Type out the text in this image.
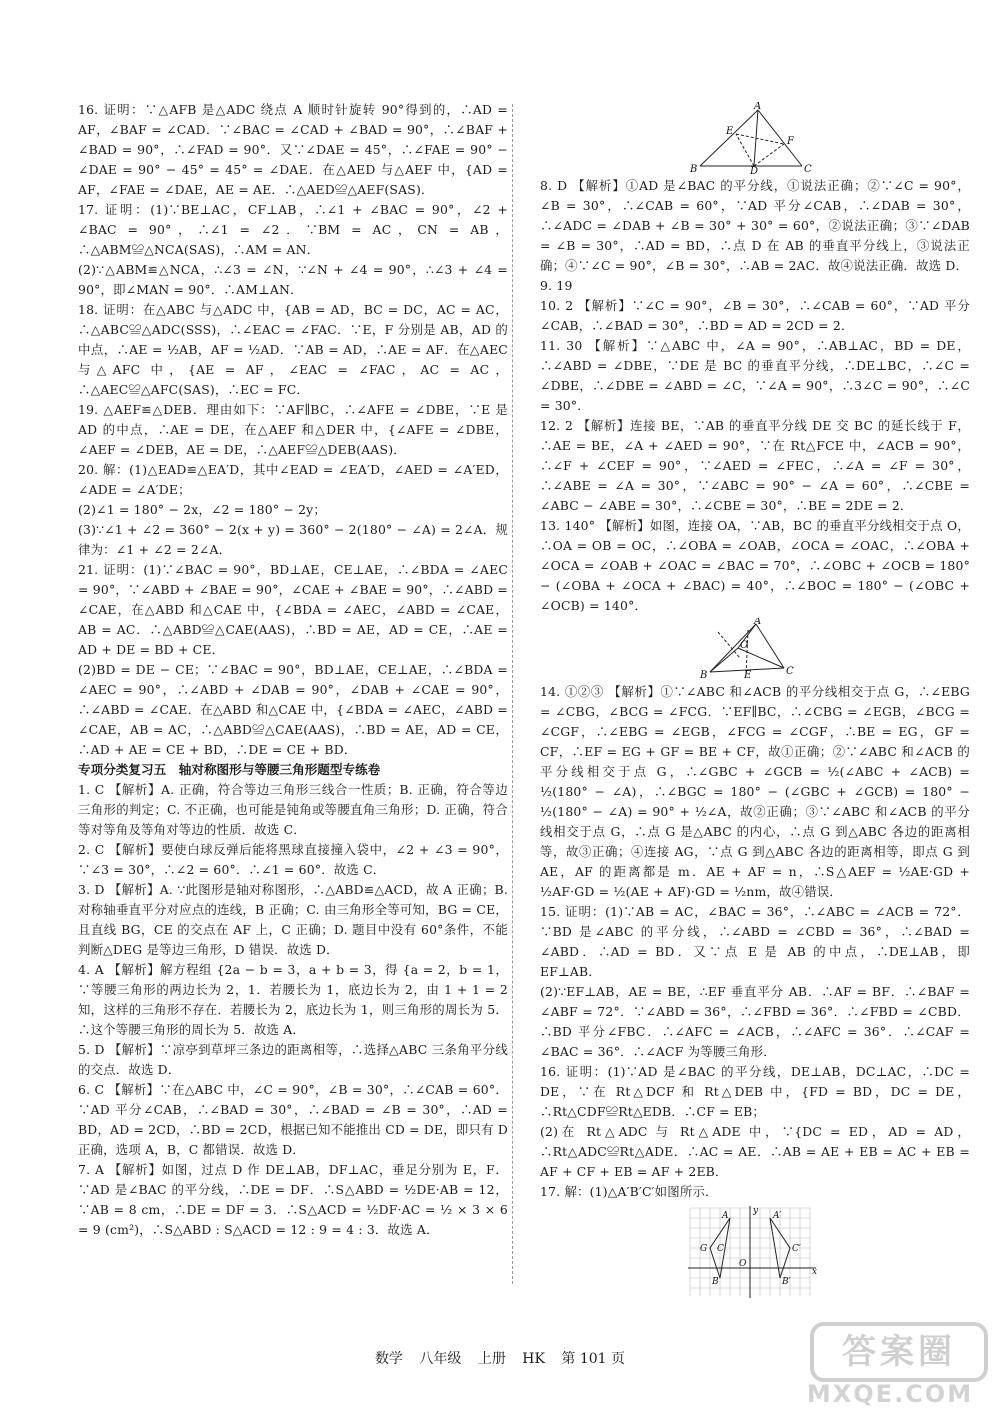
16. 证明：∵△AFB 是△ADC 绕点 A 顺时针旋转 90°得到的，∴AD = AF，∠BAF = ∠CAD．∵∠BAC = ∠CAD + ∠BAD = 90°，∴∠BAF + ∠BAD = 90°，∴∠FAD = 90°．又∵∠DAE = 45°，∴∠FAE = 90° − ∠DAE = 90° − 45° = 45° = ∠DAE．在△AED 与△AEF 中，{AD = AF，∠FAE = ∠DAE，AE = AE．∴△AED≌△AEF(SAS)．

17. 证明：(1)∵BE⊥AC，CF⊥AB，∴∠1 + ∠BAC = 90°，∠2 + ∠BAC = 90°，∴∠1 = ∠2．∵BM = AC，CN = AB，∴△ABM≌△NCA(SAS)，∴AM = AN．

(2)∵△ABM≌△NCA，∴∠3 = ∠N，∵∠N + ∠4 = 90°，∴∠3 + ∠4 = 90°，即∠MAN = 90°．∴AM⊥AN．

18. 证明：在△ABC 与△ADC 中，{AB = AD，BC = DC，AC = AC，∴△ABC≌△ADC(SSS)，∴∠EAC = ∠FAC．∵E，F 分别是 AB，AD 的中点，∴AE = ½AB，AF = ½AD．∵AB = AD，∴AE = AF．在△AEC 与△AFC 中，{AE = AF，∠EAC = ∠FAC，AC = AC，∴△AEC≌△AFC(SAS)，∴EC = FC．

19. △AEF≌△DEB．理由如下：∵AF∥BC，∴∠AFE = ∠DBE，∵E 是 AD 的中点，∴AE = DE，在△AEF 和△DER 中，{∠AFE = ∠DBE，∠AEF = ∠DEB，AE = DE，∴△AEF≌△DEB(AAS)．

20. 解：(1)△EAD≌△EA′D，其中∠EAD = ∠EA′D，∠AED = ∠A′ED，∠ADE = ∠A′DE；

(2)∠1 = 180° − 2x，∠2 = 180° − 2y；

(3)∵∠1 + ∠2 = 360° − 2(x + y) = 360° − 2(180° − ∠A) = 2∠A．规律为：∠1 + ∠2 = 2∠A．

21. 证明：(1)∵∠BAC = 90°，BD⊥AE，CE⊥AE，∴∠BDA = ∠AEC = 90°，∵∠ABD + ∠BAE = 90°，∠CAE + ∠BAE = 90°，∴∠ABD = ∠CAE，在△ABD 和△CAE 中，{∠BDA = ∠AEC，∠ABD = ∠CAE，AB = AC．∴△ABD≌△CAE(AAS)，∴BD = AE，AD = CE，∴AE = AD + DE = BD + CE．

(2)BD = DE − CE；∵∠BAC = 90°，BD⊥AE，CE⊥AE，∴∠BDA = ∠AEC = 90°，∴∠ABD + ∠DAB = 90°，∠DAB + ∠CAE = 90°，∴∠ABD = ∠CAE．在△ABD 和△CAE 中，{∠BDA = ∠AEC，∠ABD = ∠CAE，AB = AC，∴△ABD≌△CAE(AAS)，∴BD = AE，AD = CE，∴AD + AE = CE + BD，∴DE = CE + BD．

专项分类复习五　轴对称图形与等腰三角形题型专练卷

1. C 【解析】A. 正确，符合等边三角形三线合一性质；B. 正确，符合等边三角形的判定；C. 不正确，也可能是钝角或等腰直角三角形；D. 正确，符合等对等角及等角对等边的性质．故选 C．

2. C 【解析】要使白球反弹后能将黑球直接撞入袋中，∠2 + ∠3 = 90°，∵∠3 = 30°，∴∠2 = 60°．∴∠1 = 60°．故选 C．

3. D 【解析】A. ∵此图形是轴对称图形，∴△ABD≌△ACD，故 A 正确；B. 对称轴垂直平分对应点的连线，B 正确；C. 由三角形全等可知，BG = CE，且直线 BG，CE 的交点在 AF 上，C 正确；D. 题目中没有 60°条件，不能判断△DEG 是等边三角形，D 错误．故选 D．

4. A 【解析】解方程组 {2a − b = 3，a + b = 3，得 {a = 2，b = 1，∵等腰三角形的两边长为 2，1．若腰长为 1，底边长为 2，由 1 + 1 = 2 知，这样的三角形不存在．若腰长为 2，底边长为 1，则三角形的周长为 5．∴这个等腰三角形的周长为 5．故选 A．

5. D 【解析】∵凉亭到草坪三条边的距离相等，∴选择△ABC 三条角平分线的交点．故选 D．

6. C 【解析】∵在△ABC 中，∠C = 90°，∠B = 30°，∴∠CAB = 60°．∵AD 平分∠CAB，∴∠BAD = 30°，∴∠BAD = ∠B = 30°，∴AD = BD，AD = 2CD，∴BD = 2CD，根据已知不能推出 CD = DE，即只有 D 正确，选项 A，B，C 都错误．故选 D．

7. A 【解析】如图，过点 D 作 DE⊥AB，DF⊥AC，垂足分别为 E，F．∵AD 是∠BAC 的平分线，∴DE = DF．∴S△ABD = ½DE·AB = 12，∵AB = 8 cm，∴DE = DF = 3．∴S△ACD = ½DF·AC = ½ × 3 × 6 = 9 (cm²)，∴S△ABD : S△ACD = 12 : 9 = 4 : 3．故选 A．

A
E
F
B	D	C

8. D 【解析】①AD 是∠BAC 的平分线，①说法正确；②∵∠C = 90°，∠B = 30°，∴∠CAB = 60°，∵AD 平分∠CAB，∴∠DAB = 30°，∴∠ADC = ∠DAB + ∠B = 30° + 30° = 60°，②说法正确；③∵∠DAB = ∠B = 30°，∴AD = BD，∴点 D 在 AB 的垂直平分线上，③说法正确；④∵∠C = 90°，∠B = 30°，∴AB = 2AC．故④说法正确．故选 D．

9. 19

10. 2 【解析】∵∠C = 90°，∠B = 30°，∴∠CAB = 60°，∵AD 平分∠CAB，∴∠BAD = 30°，∴BD = AD = 2CD = 2．

11. 30 【解析】∵△ABC 中，∠A = 90°，∴AB⊥AC，BD = DE，∴∠ABD = ∠DBE，∵DE 是 BC 的垂直平分线，∴DE⊥BC，∴∠C = ∠DBE，∴∠DBE = ∠ABD = ∠C，∵∠A = 90°，∴3∠C = 90°，∴∠C = 30°．

12. 2 【解析】连接 BE，∵AB 的垂直平分线 DE 交 BC 的延长线于 F，∴AE = BE，∠A + ∠AED = 90°，∵在 Rt△FCE 中，∠ACB = 90°，∴∠F + ∠CEF = 90°，∵∠AED = ∠FEC，∴∠A = ∠F = 30°，∴∠ABE = ∠A = 30°，∵∠ABC = 90° − ∠A = 60°，∴∠CBE = ∠ABC − ∠ABE = 30°，∴∠CBE = 30°，∴BE = 2DE = 2．

13. 140° 【解析】如图，连接 OA，∵AB，BC 的垂直平分线相交于点 O，∴OA = OB = OC，∴∠OBA = ∠OAB，∠OCA = ∠OAC，∴∠OBA + ∠OCA = ∠OAB + ∠OAC = ∠BAC = 70°，∴∠OBC + ∠OCB = 180° − (∠OBA + ∠OCA + ∠BAC) = 40°，∴∠BOC = 180° − (∠OBC + ∠OCB) = 140°．

A
O
B	E	C

14. ①②③ 【解析】①∵∠ABC 和∠ACB 的平分线相交于点 G，∴∠EBG = ∠CBG，∠BCG = ∠FCG．∵EF∥BC，∴∠CBG = ∠EGB，∠BCG = ∠CGF，∴∠EBG = ∠EGB，∠FCG = ∠CGF，∴BE = EG，GF = CF，∴EF = EG + GF = BE + CF，故①正确；②∵∠ABC 和∠ACB 的平分线相交于点 G，∴∠GBC + ∠GCB = ½(∠ABC + ∠ACB) = ½(180° − ∠A)，∴∠BGC = 180° − (∠GBC + ∠GCB) = 180° − ½(180° − ∠A) = 90° + ½∠A，故②正确；③∵∠ABC 和∠ACB 的平分线相交于点 G，∴点 G 是△ABC 的内心，∴点 G 到△ABC 各边的距离相等，故③正确；④连接 AG，∵点 G 到△ABC 各边的距离相等，即点 G 到 AE，AF 的距离都是 m．AE + AF = n，∴S△AEF = ½AE·GD + ½AF·GD = ½(AE + AF)·GD = ½nm，故④错误．

15. 证明：(1)∵AB = AC，∠BAC = 36°，∴∠ABC = ∠ACB = 72°．∵BD 是∠ABC 的平分线，∴∠ABD = ∠CBD = 36°，∴∠BAD = ∠ABD．∴AD = BD．又∵点 E 是 AB 的中点，∴DE⊥AB，即 EF⊥AB．

(2)∵EF⊥AB，AE = BE，∴EF 垂直平分 AB．∴AF = BF．∴∠BAF = ∠ABF = 72°．∵∠ABD = 36°，∴∠FBD = 36°．∴∠FBD = ∠CBD．∴BD 平分∠FBC．∴∠AFC = ∠ACB，∴∠AFC = 36°．∴∠CAF = ∠BAC = 36°．∴∠ACF 为等腰三角形．

16. 证明：(1)∵AD 是∠BAC 的平分线，DE⊥AB，DC⊥AC，∴DC = DE，∵在 Rt△DCF 和 Rt△DEB 中，{FD = BD，DC = DE，∴Rt△CDF≌Rt△EDB．∴CF = EB；

(2)在 Rt△ADC 与 Rt△ADE 中，∵{DC = ED，AD = AD，∴Rt△ADC≌Rt△ADE．∴AC = AE．∴AB = AE + EB = AC + EB = AF + CF + EB = AF + 2EB．

17. 解：(1)△A′B′C′如图所示．

A	A′
G C	C′
O
B	B′
y
x
数学 八年级 上册 HK 第 101 页	答案圈
MXQE.COM
